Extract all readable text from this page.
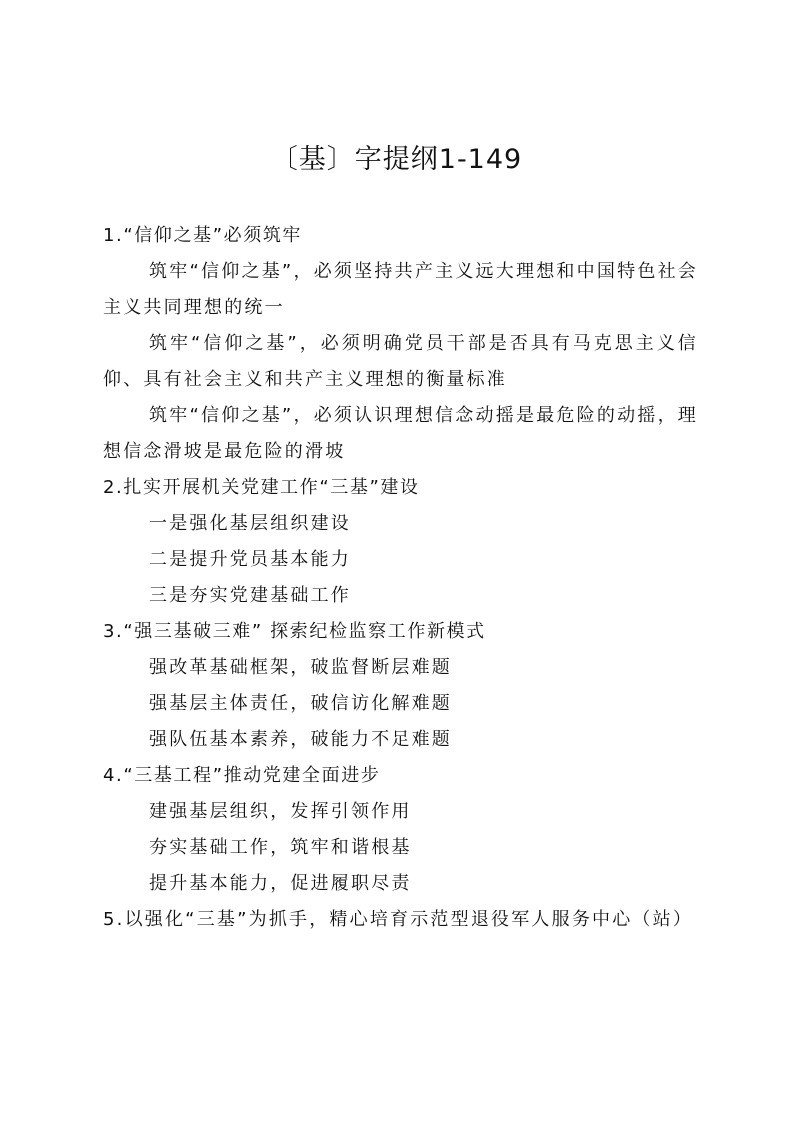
〔基〕字提纲1-149
1.“信仰之基”必须筑牢

筑牢“信仰之基”，必须坚持共产主义远大理想和中国特色社会主义共同理想的统一

筑牢“信仰之基”，必须明确党员干部是否具有马克思主义信仰、具有社会主义和共产主义理想的衡量标准

筑牢“信仰之基”，必须认识理想信念动摇是最危险的动摇，理想信念滑坡是最危险的滑坡

2.扎实开展机关党建工作“三基”建设
一是强化基层组织建设
二是提升党员基本能力
三是夯实党建基础工作
3.“强三基破三难” 探索纪检监察工作新模式
强改革基础框架，破监督断层难题
强基层主体责任，破信访化解难题
强队伍基本素养，破能力不足难题
4.“三基工程”推动党建全面进步
建强基层组织，发挥引领作用
夯实基础工作，筑牢和谐根基
提升基本能力，促进履职尽责

5.以强化“三基”为抓手，精心培育示范型退役军人服务中心（站）
